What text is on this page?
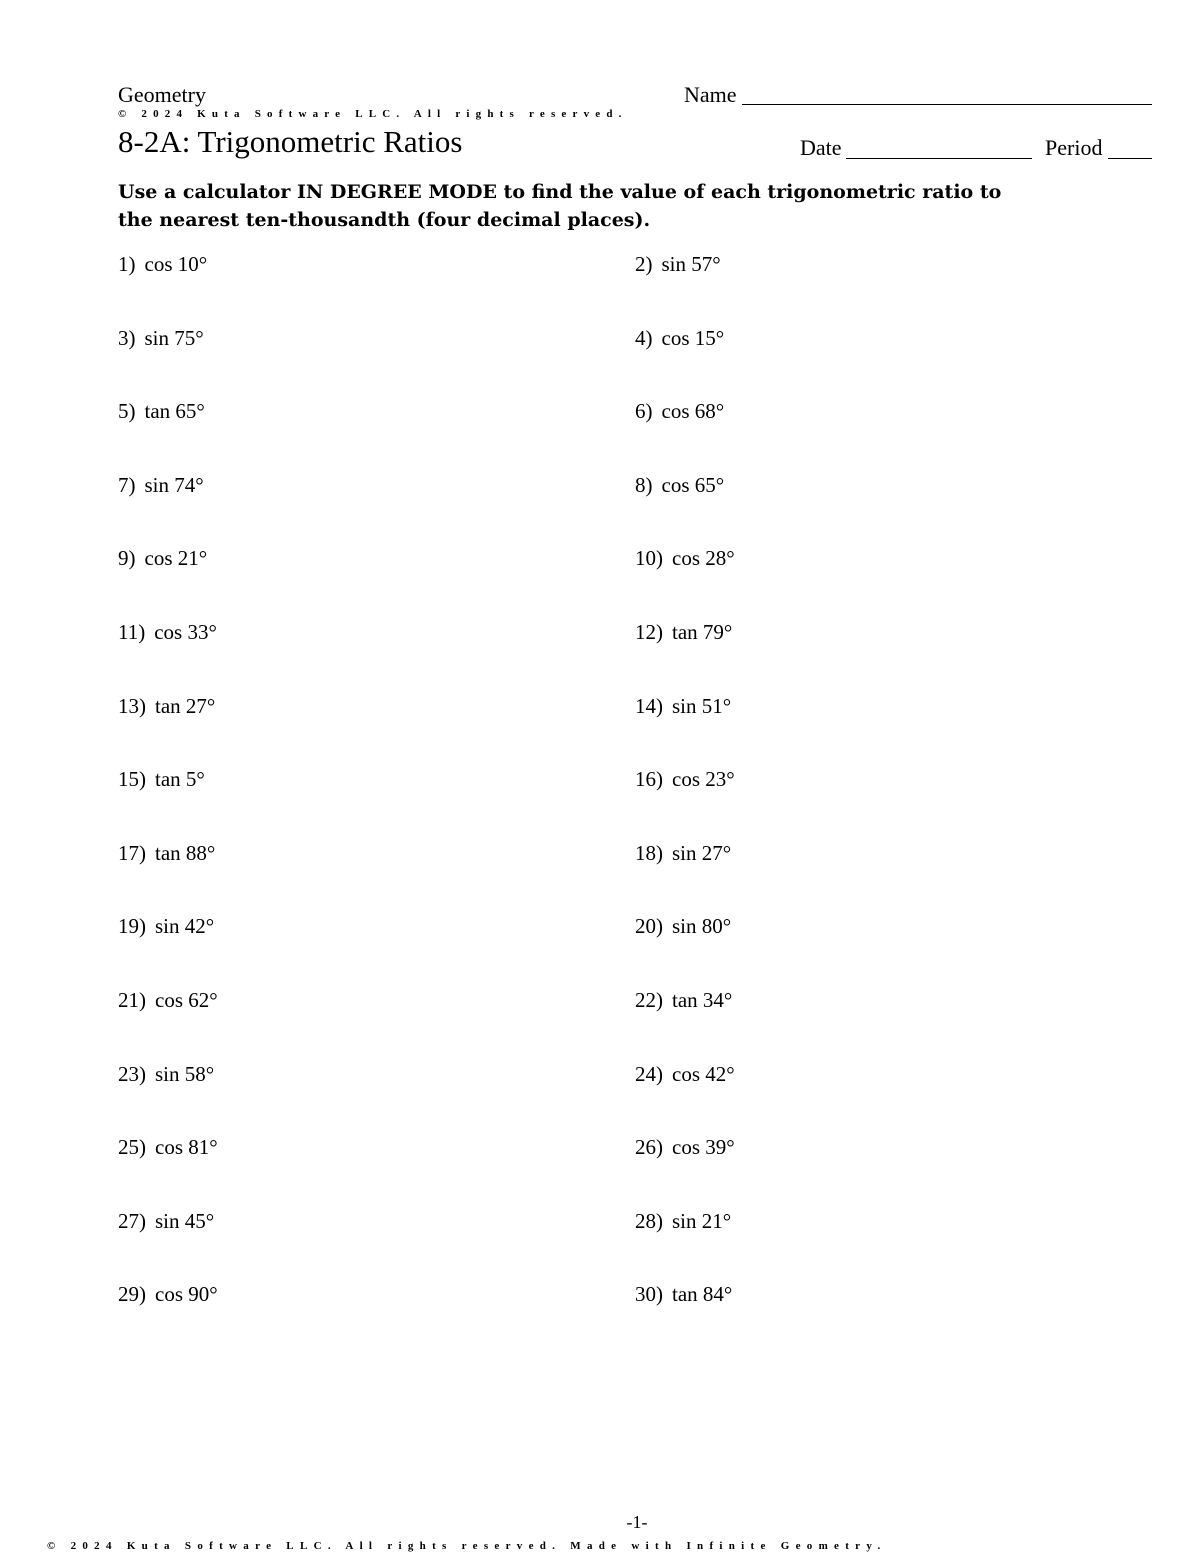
Geometry
© 2024 Kuta Software LLC. All rights reserved.
8-2A: Trigonometric Ratios
Name
Date	Period
Use a calculator IN DEGREE MODE to find the value of each trigonometric ratio to the nearest ten-thousandth (four decimal places).
1) cos 10°	2) sin 57°
3) sin 75°	4) cos 15°
5) tan 65°	6) cos 68°
7) sin 74°	8) cos 65°
9) cos 21°	10) cos 28°
11) cos 33°	12) tan 79°
13) tan 27°	14) sin 51°
15) tan 5°	16) cos 23°
17) tan 88°	18) sin 27°
19) sin 42°	20) sin 80°
21) cos 62°	22) tan 34°
23) sin 58°	24) cos 42°
25) cos 81°	26) cos 39°
27) sin 45°	28) sin 21°
29) cos 90°	30) tan 84°
-1-
© 2024 Kuta Software LLC. All rights reserved. Made with Infinite Geometry.
